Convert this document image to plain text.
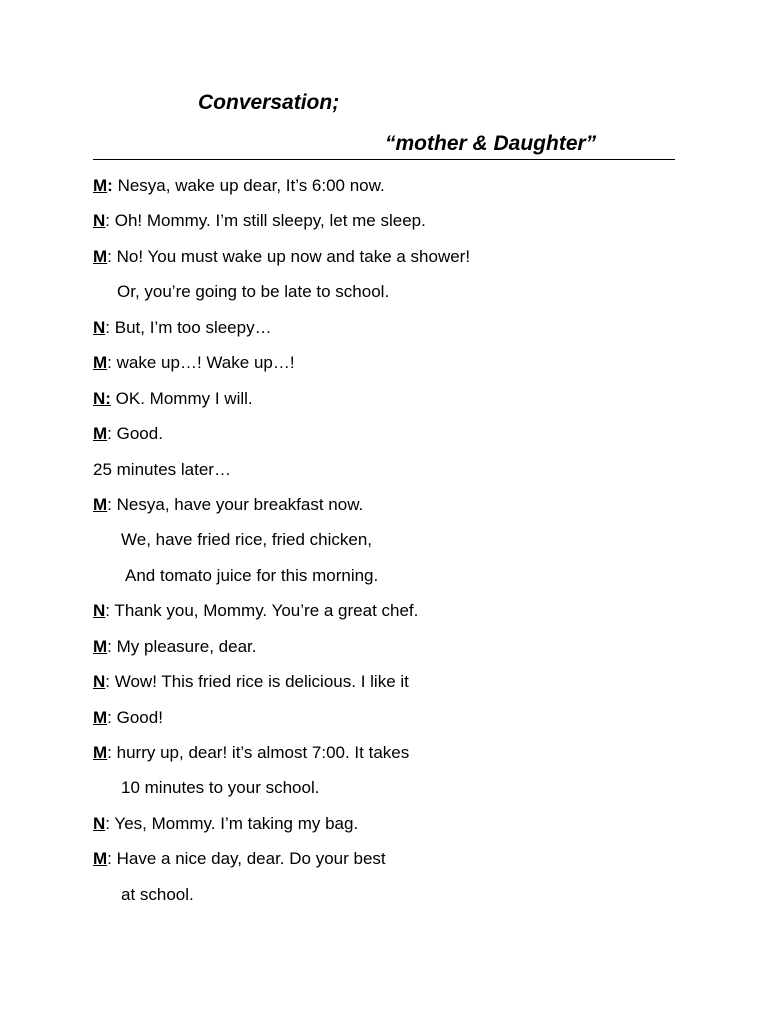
Conversation;
“mother & Daughter”
M: Nesya, wake up dear, It’s 6:00 now.
N: Oh! Mommy. I’m still sleepy, let me sleep.
M: No! You must wake up now and take a shower!
Or, you’re going to be late to school.
N: But, I’m too sleepy…
M: wake up…! Wake up…!
N: OK. Mommy I will.
M: Good.
25 minutes later…
M: Nesya, have your breakfast now.
We, have fried rice, fried chicken,
And tomato juice for this morning.
N: Thank you, Mommy. You’re a great chef.
M: My pleasure, dear.
N: Wow! This fried rice is delicious. I like it
M: Good!
M: hurry up, dear! it’s almost 7:00. It takes
10 minutes to your school.
N: Yes, Mommy. I’m taking my bag.
M: Have a nice day, dear. Do your best
at school.
